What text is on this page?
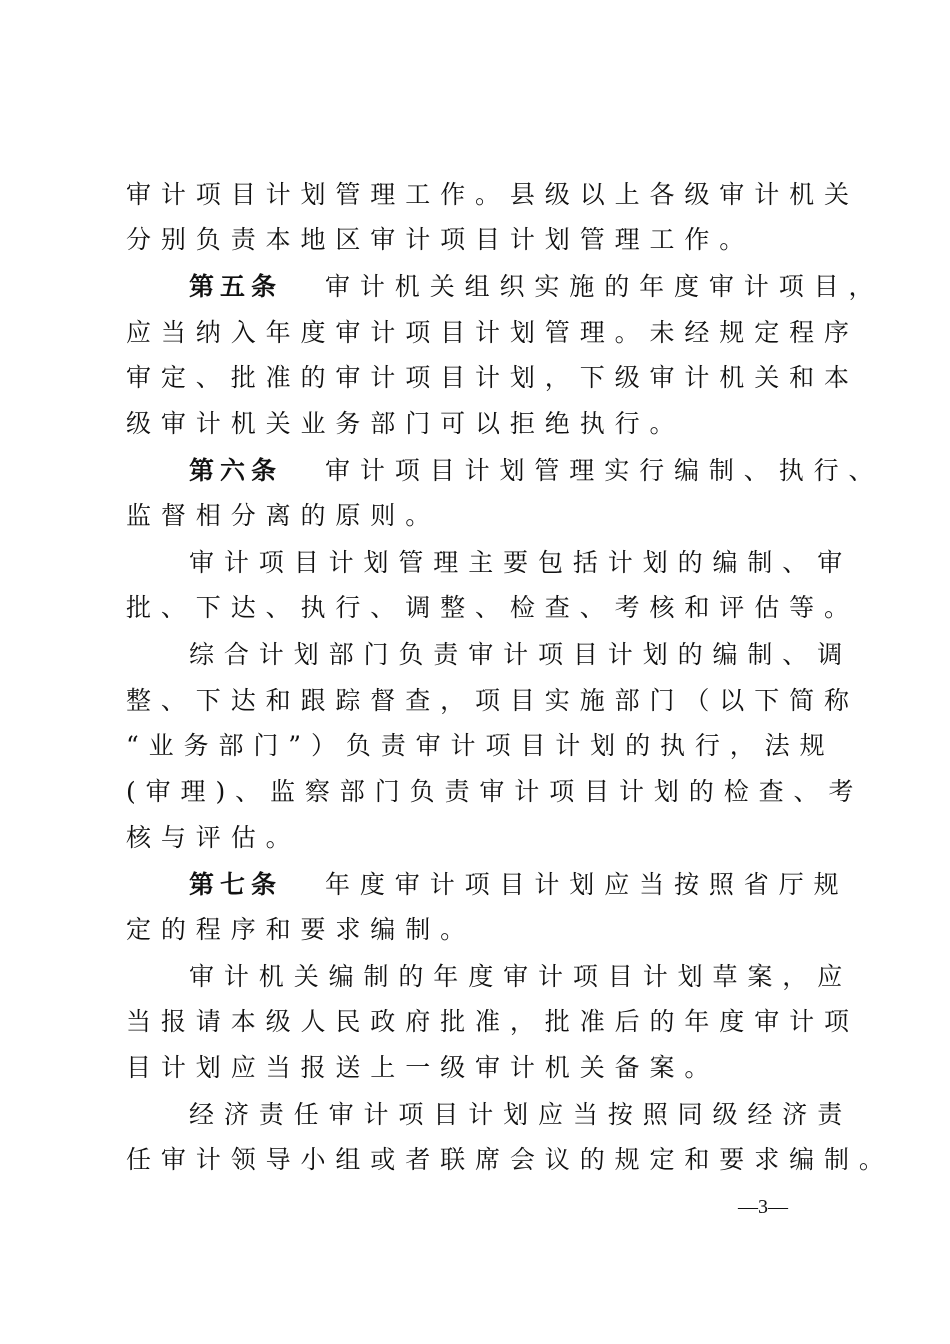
审计项目计划管理工作。县级以上各级审计机关
分别负责本地区审计项目计划管理工作。
第五条 审计机关组织实施的年度审计项目，
应当纳入年度审计项目计划管理。未经规定程序
审定、批准的审计项目计划，下级审计机关和本
级审计机关业务部门可以拒绝执行。
第六条 审计项目计划管理实行编制、执行、
监督相分离的原则。
审计项目计划管理主要包括计划的编制、审
批、下达、执行、调整、检查、考核和评估等。
综合计划部门负责审计项目计划的编制、调
整、下达和跟踪督查，项目实施部门（以下简称
“业务部门”）负责审计项目计划的执行，法规
(审理)、监察部门负责审计项目计划的检查、考
核与评估。
第七条 年度审计项目计划应当按照省厅规
定的程序和要求编制。
审计机关编制的年度审计项目计划草案，应
当报请本级人民政府批准，批准后的年度审计项
目计划应当报送上一级审计机关备案。
经济责任审计项目计划应当按照同级经济责
任审计领导小组或者联席会议的规定和要求编制。
—3—
